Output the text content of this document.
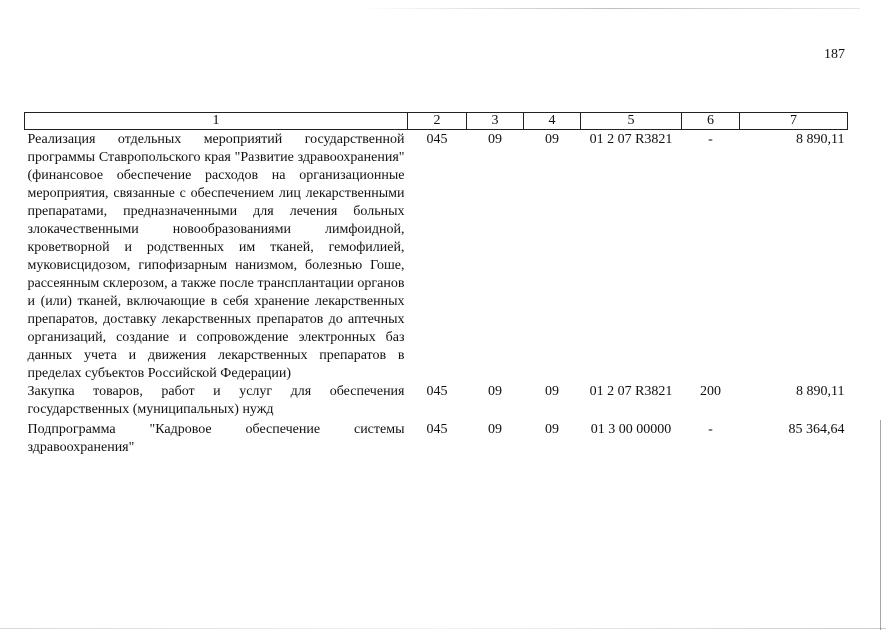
187
1	2	3	4	5	6	7
Реализация отдельных мероприятий государственной программы Ставропольского края "Развитие здравоохранения" (финансовое обеспечение расходов на организационные мероприятия, связанные с обеспечением лиц лекарственными препаратами, предназначенными для лечения больных злокачественными новообразованиями лимфоидной, кроветворной и родственных им тканей, гемофилией, муковисцидозом, гипофизарным нанизмом, болезнью Гоше, рассеянным склерозом, а также после трансплантации органов и (или) тканей, включающие в себя хранение лекарственных препаратов, доставку лекарственных препаратов до аптечных организаций, создание и сопровождение электронных баз данных учета и движения лекарственных препаратов в пределах субъектов Российской Федерации)	045	09	09	01 2 07 R3821	-	8 890,11
Закупка товаров, работ и услуг для обеспечения государственных (муниципальных) нужд	045	09	09	01 2 07 R3821	200	8 890,11
Подпрограмма "Кадровое обеспечение системы здравоохранения"	045	09	09	01 3 00 00000	-	85 364,64
